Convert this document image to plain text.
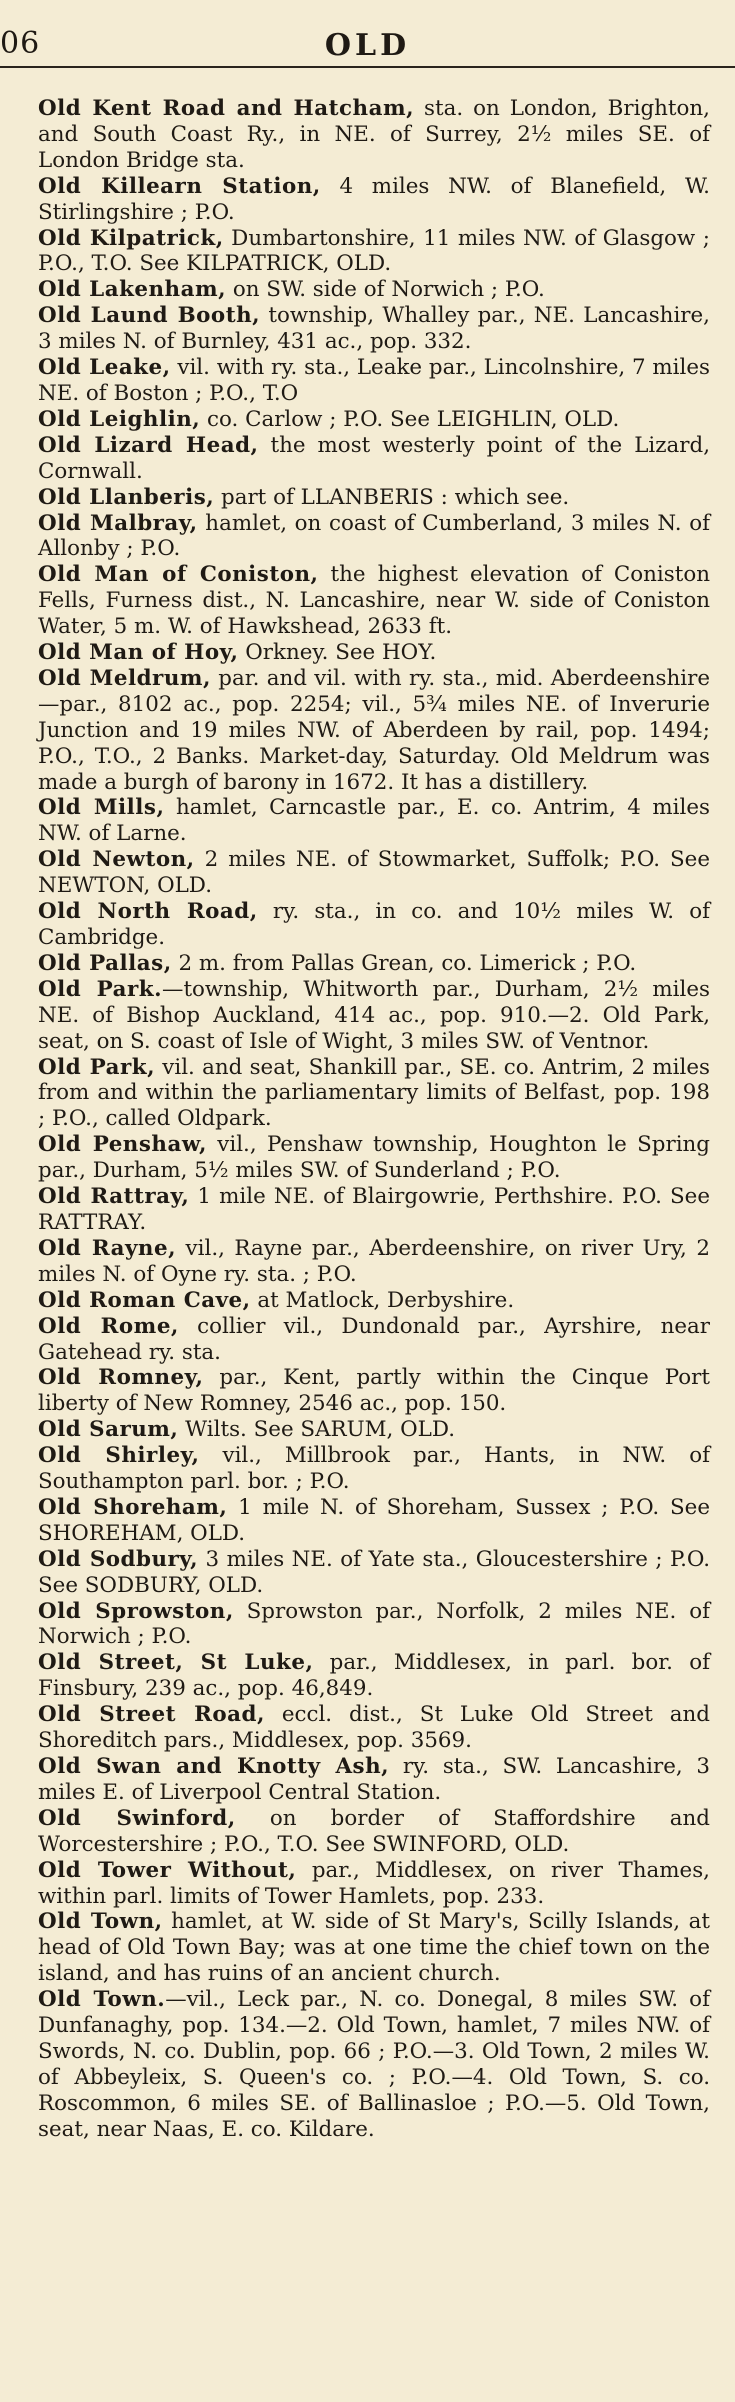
06	OLD

Old Kent Road and Hatcham, sta. on London, Brighton, and South Coast Ry., in NE. of Surrey, 2½ miles SE. of London Bridge sta.

Old Killearn Station, 4 miles NW. of Blanefield, W. Stirlingshire ; P.O.

Old Kilpatrick, Dumbartonshire, 11 miles NW. of Glasgow ; P.O., T.O. See KILPATRICK, OLD.

Old Lakenham, on SW. side of Norwich ; P.O.

Old Laund Booth, township, Whalley par., NE. Lancashire, 3 miles N. of Burnley, 431 ac., pop. 332.

Old Leake, vil. with ry. sta., Leake par., Lincolnshire, 7 miles NE. of Boston ; P.O., T.O

Old Leighlin, co. Carlow ; P.O. See LEIGHLIN, OLD.

Old Lizard Head, the most westerly point of the Lizard, Cornwall.

Old Llanberis, part of LLANBERIS : which see.

Old Malbray, hamlet, on coast of Cumberland, 3 miles N. of Allonby ; P.O.

Old Man of Coniston, the highest elevation of Coniston Fells, Furness dist., N. Lancashire, near W. side of Coniston Water, 5 m. W. of Hawkshead, 2633 ft.

Old Man of Hoy, Orkney. See HOY.

Old Meldrum, par. and vil. with ry. sta., mid. Aberdeenshire—par., 8102 ac., pop. 2254; vil., 5¾ miles NE. of Inverurie Junction and 19 miles NW. of Aberdeen by rail, pop. 1494; P.O., T.O., 2 Banks. Market-day, Saturday. Old Meldrum was made a burgh of barony in 1672. It has a distillery.

Old Mills, hamlet, Carncastle par., E. co. Antrim, 4 miles NW. of Larne.

Old Newton, 2 miles NE. of Stowmarket, Suffolk; P.O. See NEWTON, OLD.

Old North Road, ry. sta., in co. and 10½ miles W. of Cambridge.

Old Pallas, 2 m. from Pallas Grean, co. Limerick ; P.O.

Old Park.—township, Whitworth par., Durham, 2½ miles NE. of Bishop Auckland, 414 ac., pop. 910.—2. Old Park, seat, on S. coast of Isle of Wight, 3 miles SW. of Ventnor.

Old Park, vil. and seat, Shankill par., SE. co. Antrim, 2 miles from and within the parliamentary limits of Belfast, pop. 198 ; P.O., called Oldpark.

Old Penshaw, vil., Penshaw township, Houghton le Spring par., Durham, 5½ miles SW. of Sunderland ; P.O.

Old Rattray, 1 mile NE. of Blairgowrie, Perthshire. P.O. See RATTRAY.

Old Rayne, vil., Rayne par., Aberdeenshire, on river Ury, 2 miles N. of Oyne ry. sta. ; P.O.

Old Roman Cave, at Matlock, Derbyshire.

Old Rome, collier vil., Dundonald par., Ayrshire, near Gatehead ry. sta.

Old Romney, par., Kent, partly within the Cinque Port liberty of New Romney, 2546 ac., pop. 150.

Old Sarum, Wilts. See SARUM, OLD.

Old Shirley, vil., Millbrook par., Hants, in NW. of Southampton parl. bor. ; P.O.

Old Shoreham, 1 mile N. of Shoreham, Sussex ; P.O. See SHOREHAM, OLD.

Old Sodbury, 3 miles NE. of Yate sta., Gloucestershire ; P.O. See SODBURY, OLD.

Old Sprowston, Sprowston par., Norfolk, 2 miles NE. of Norwich ; P.O.

Old Street, St Luke, par., Middlesex, in parl. bor. of Finsbury, 239 ac., pop. 46,849.

Old Street Road, eccl. dist., St Luke Old Street and Shoreditch pars., Middlesex, pop. 3569.

Old Swan and Knotty Ash, ry. sta., SW. Lancashire, 3 miles E. of Liverpool Central Station.

Old Swinford, on border of Staffordshire and Worcestershire ; P.O., T.O. See SWINFORD, OLD.

Old Tower Without, par., Middlesex, on river Thames, within parl. limits of Tower Hamlets, pop. 233.

Old Town, hamlet, at W. side of St Mary's, Scilly Islands, at head of Old Town Bay; was at one time the chief town on the island, and has ruins of an ancient church.

Old Town.—vil., Leck par., N. co. Donegal, 8 miles SW. of Dunfanaghy, pop. 134.—2. Old Town, hamlet, 7 miles NW. of Swords, N. co. Dublin, pop. 66 ; P.O.—3. Old Town, 2 miles W. of Abbeyleix, S. Queen's co. ; P.O.—4. Old Town, S. co. Roscommon, 6 miles SE. of Ballinasloe ; P.O.—5. Old Town, seat, near Naas, E. co. Kildare.
